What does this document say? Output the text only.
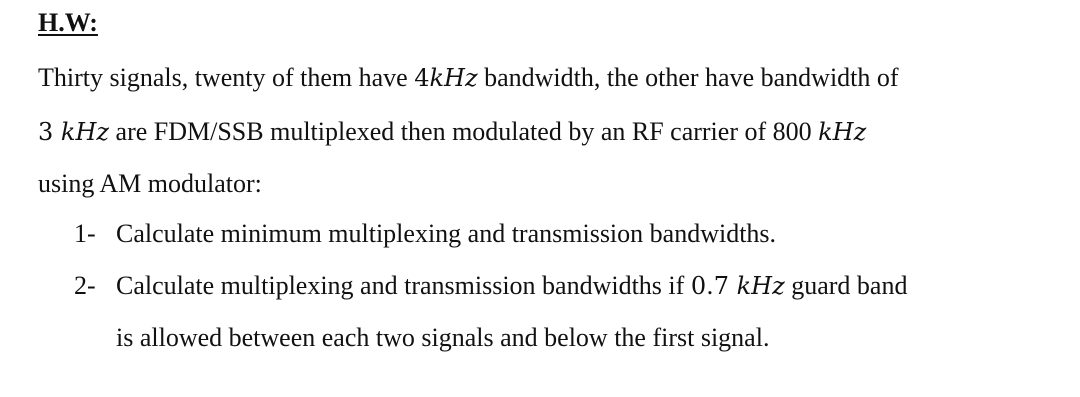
H.W:
Thirty signals, twenty of them have 4kHz bandwidth, the other have bandwidth of
3 kHz are FDM/SSB multiplexed then modulated by an RF carrier of 800 kHz
using AM modulator:
1- Calculate minimum multiplexing and transmission bandwidths.
2- Calculate multiplexing and transmission bandwidths if 0.7 kHz guard band
is allowed between each two signals and below the first signal.
